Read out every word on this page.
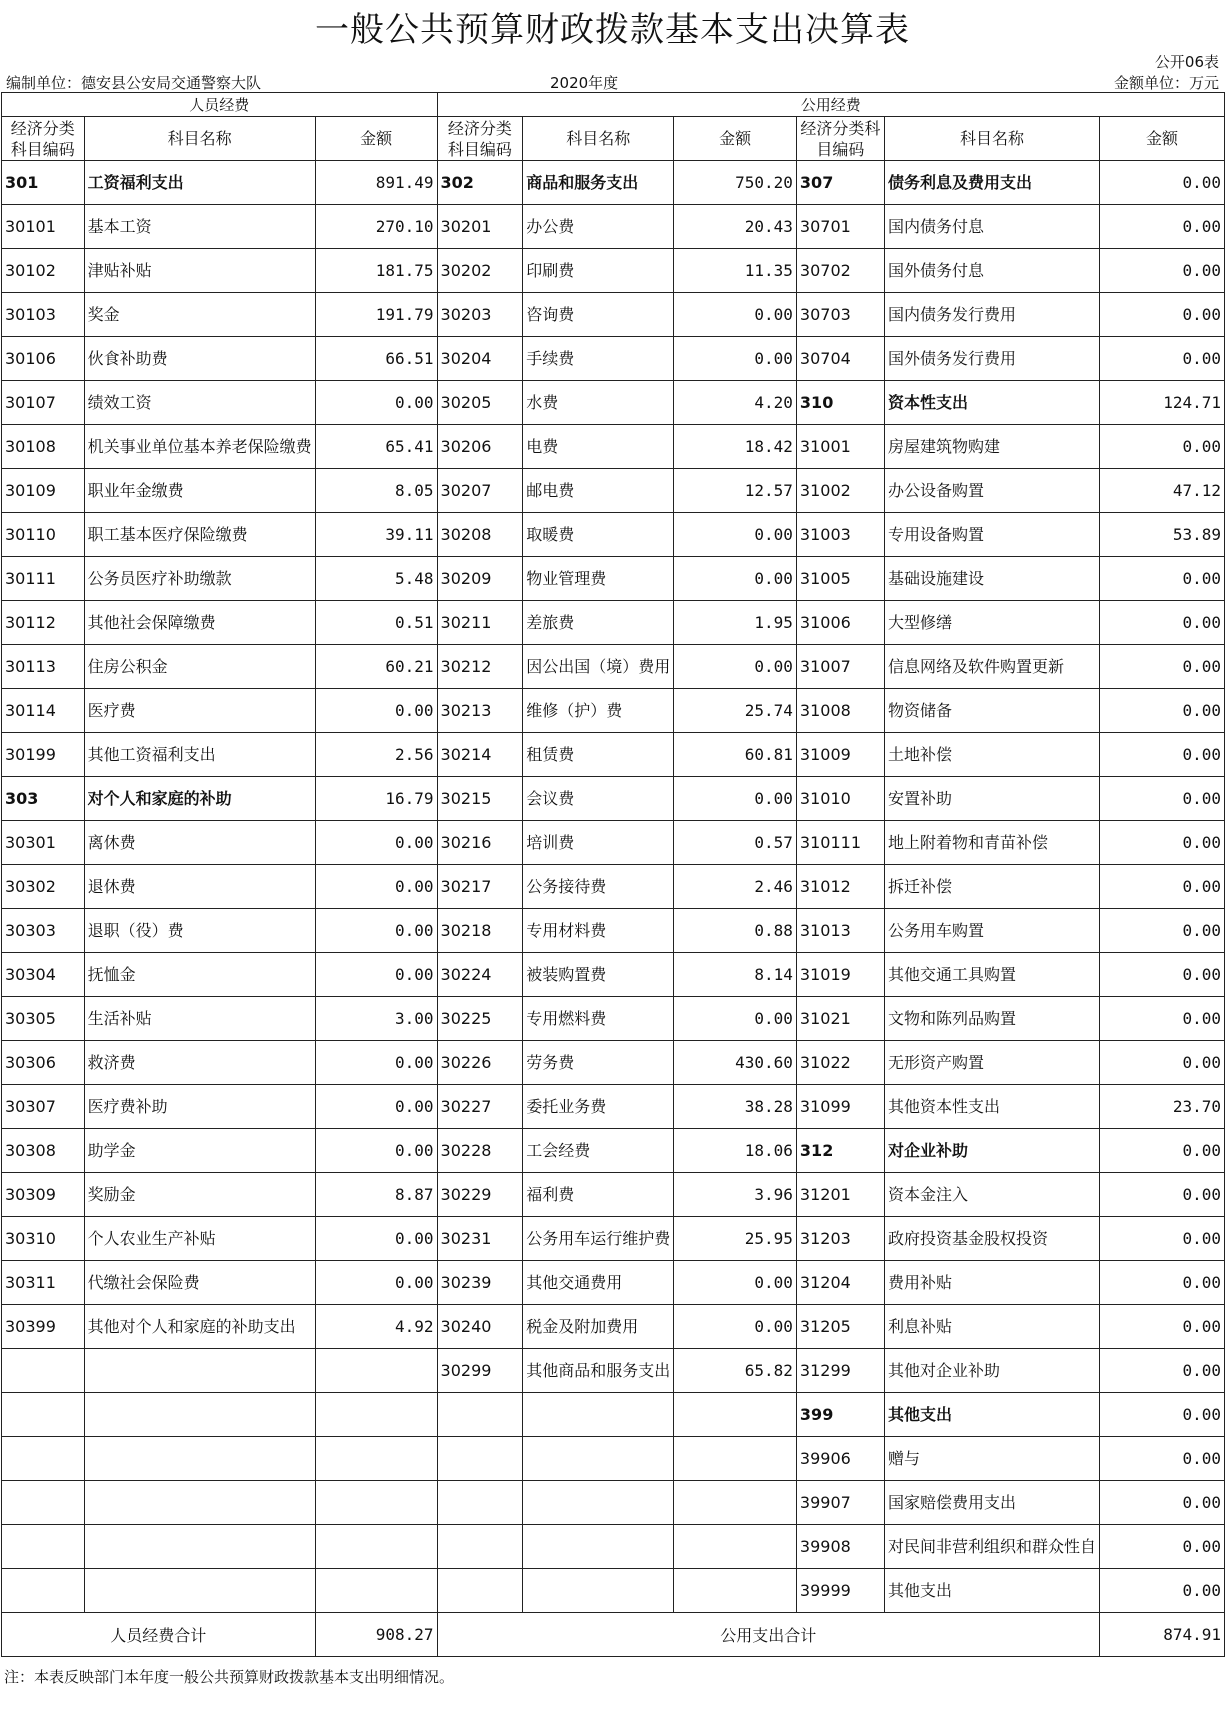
一般公共预算财政拨款基本支出决算表
公开06表
编制单位：德安县公安局交通警察大队	2020年度	金额单位：万元
人员经费			公用经费					
经济分类科目编码	科目名称	金额	经济分类科目编码	科目名称	金额	经济分类科目编码	科目名称	金额
301	工资福利支出	891.49	302	商品和服务支出	750.20	307	债务利息及费用支出	0.00
30101	基本工资	270.10	30201	办公费	20.43	30701	国内债务付息	0.00
30102	津贴补贴	181.75	30202	印刷费	11.35	30702	国外债务付息	0.00
30103	奖金	191.79	30203	咨询费	0.00	30703	国内债务发行费用	0.00
30106	伙食补助费	66.51	30204	手续费	0.00	30704	国外债务发行费用	0.00
30107	绩效工资	0.00	30205	水费	4.20	310	资本性支出	124.71
30108	机关事业单位基本养老保险缴费	65.41	30206	电费	18.42	31001	房屋建筑物购建	0.00
30109	职业年金缴费	8.05	30207	邮电费	12.57	31002	办公设备购置	47.12
30110	职工基本医疗保险缴费	39.11	30208	取暖费	0.00	31003	专用设备购置	53.89
30111	公务员医疗补助缴款	5.48	30209	物业管理费	0.00	31005	基础设施建设	0.00
30112	其他社会保障缴费	0.51	30211	差旅费	1.95	31006	大型修缮	0.00
30113	住房公积金	60.21	30212	因公出国（境）费用	0.00	31007	信息网络及软件购置更新	0.00
30114	医疗费	0.00	30213	维修（护）费	25.74	31008	物资储备	0.00
30199	其他工资福利支出	2.56	30214	租赁费	60.81	31009	土地补偿	0.00
303	对个人和家庭的补助	16.79	30215	会议费	0.00	31010	安置补助	0.00
30301	离休费	0.00	30216	培训费	0.57	310111	地上附着物和青苗补偿	0.00
30302	退休费	0.00	30217	公务接待费	2.46	31012	拆迁补偿	0.00
30303	退职（役）费	0.00	30218	专用材料费	0.88	31013	公务用车购置	0.00
30304	抚恤金	0.00	30224	被装购置费	8.14	31019	其他交通工具购置	0.00
30305	生活补贴	3.00	30225	专用燃料费	0.00	31021	文物和陈列品购置	0.00
30306	救济费	0.00	30226	劳务费	430.60	31022	无形资产购置	0.00
30307	医疗费补助	0.00	30227	委托业务费	38.28	31099	其他资本性支出	23.70
30308	助学金	0.00	30228	工会经费	18.06	312	对企业补助	0.00
30309	奖励金	8.87	30229	福利费	3.96	31201	资本金注入	0.00
30310	个人农业生产补贴	0.00	30231	公务用车运行维护费	25.95	31203	政府投资基金股权投资	0.00
30311	代缴社会保险费	0.00	30239	其他交通费用	0.00	31204	费用补贴	0.00
30399	其他对个人和家庭的补助支出	4.92	30240	税金及附加费用	0.00	31205	利息补贴	0.00
			30299	其他商品和服务支出	65.82	31299	其他对企业补助	0.00
						399	其他支出	0.00
						39906	赠与	0.00
						39907	国家赔偿费用支出	0.00
						39908	对民间非营利组织和群众性自	0.00
						39999	其他支出	0.00
人员经费合计		908.27	公用支出合计					874.91
注：本表反映部门本年度一般公共预算财政拨款基本支出明细情况。
